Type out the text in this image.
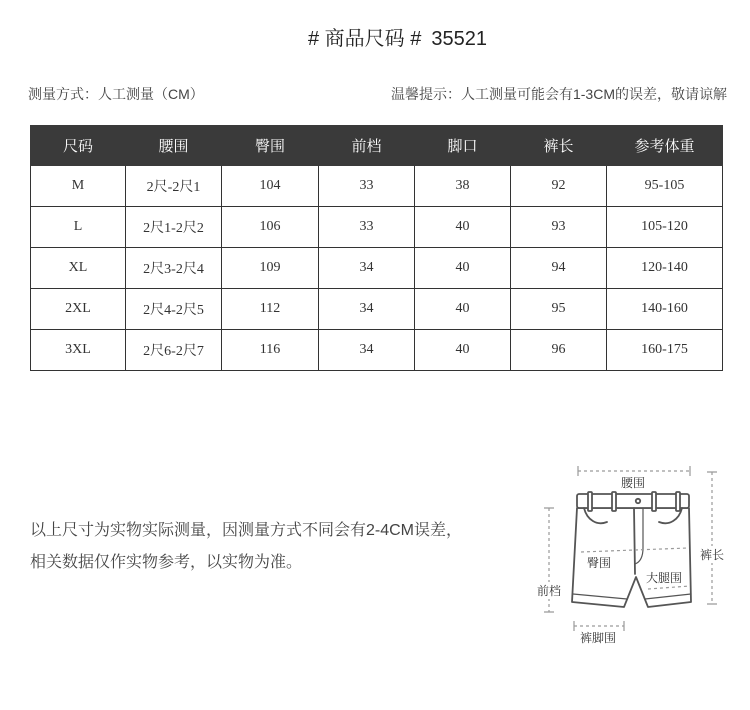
# 商品尺码 # 35521
测量方式：人工测量（CM）	温馨提示：人工测量可能会有1-3CM的误差，敬请谅解
尺码	腰围	臀围	前档	脚口	裤长	参考体重
M	2尺-2尺1	104	33	38	92	95-105
L	2尺1-2尺2	106	33	40	93	105-120
XL	2尺3-2尺4	109	34	40	94	120-140
2XL	2尺4-2尺5	112	34	40	95	140-160
3XL	2尺6-2尺7	116	34	40	96	160-175
以上尺寸为实物实际测量，因测量方式不同会有2-4CM误差，
相关数据仅作实物参考，以实物为准。
腰围
臀围
大腿围
裤长
前档
裤脚围
